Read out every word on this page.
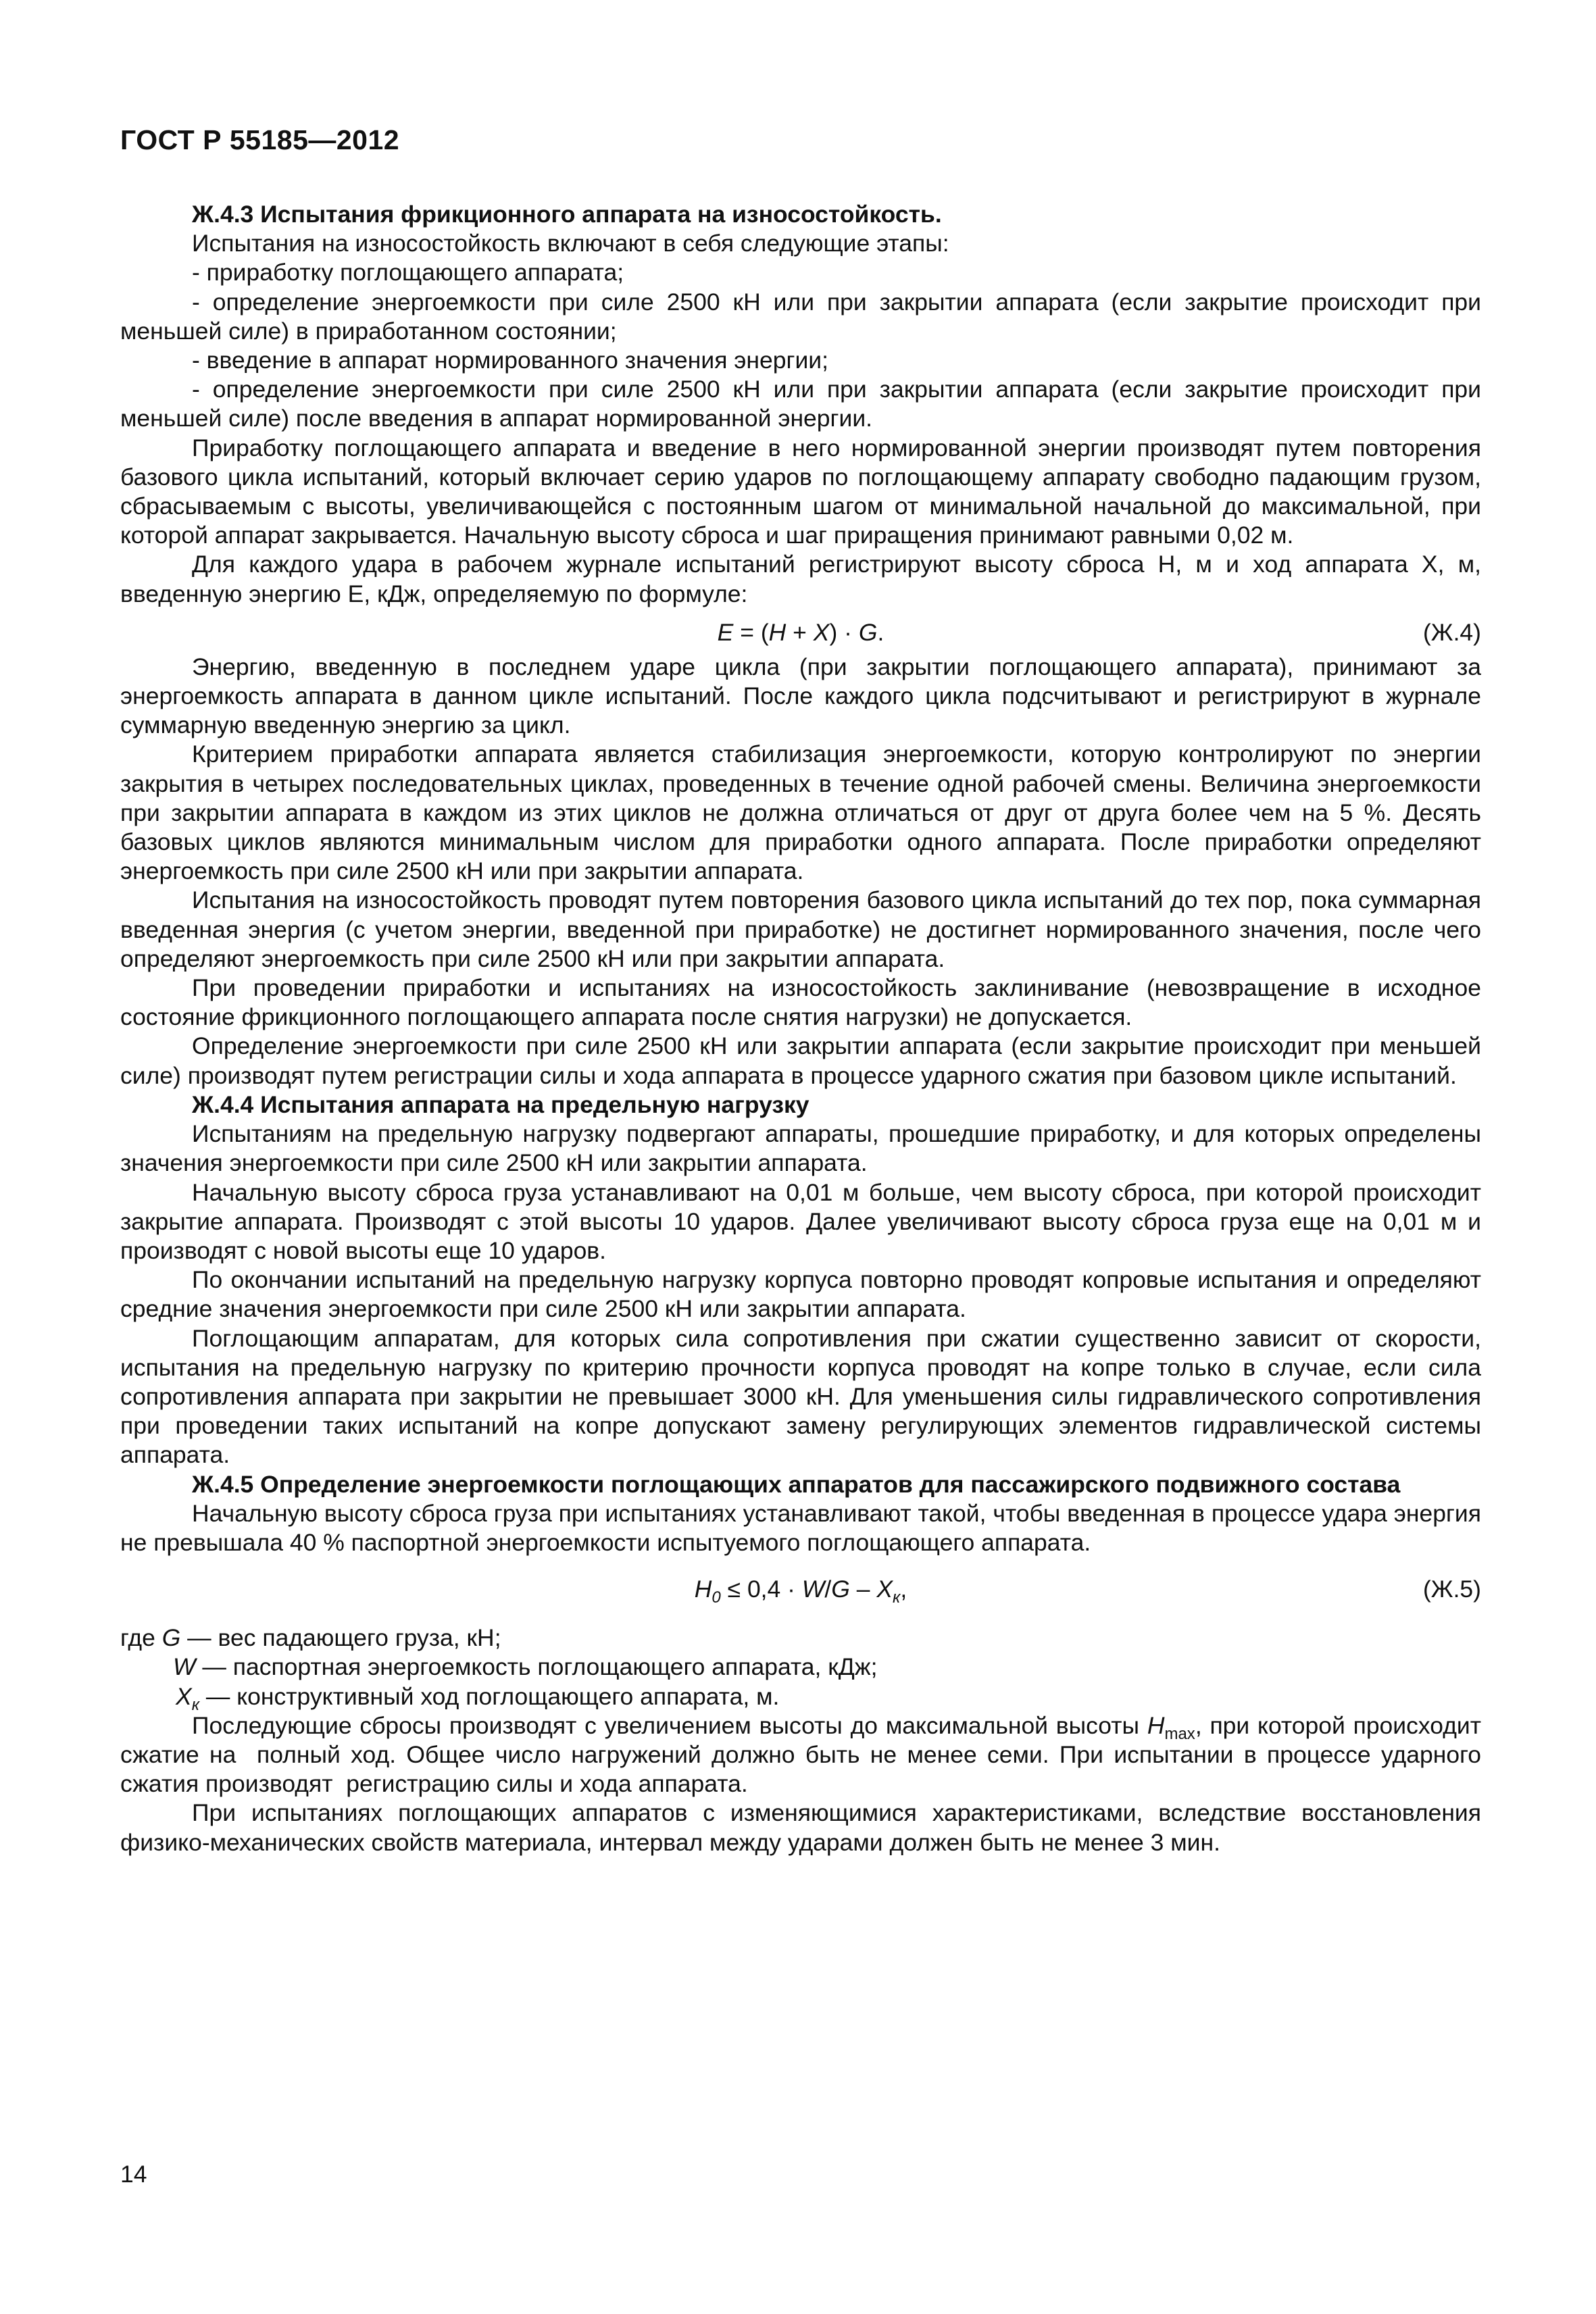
ГОСТ Р 55185—2012

Ж.4.3 Испытания фрикционного аппарата на износостойкость.

Испытания на износостойкость включают в себя следующие этапы:

- приработку поглощающего аппарата;

- определение энергоемкости при силе 2500 кН или при закрытии аппарата (если закрытие происходит при меньшей силе) в приработанном состоянии;

- введение в аппарат нормированного значения энергии;

- определение энергоемкости при силе 2500 кН или при закрытии аппарата (если закрытие происходит при меньшей силе) после введения в аппарат нормированной энергии.

Приработку поглощающего аппарата и введение в него нормированной энергии производят путем повторения базового цикла испытаний, который включает серию ударов по поглощающему аппарату свободно падающим грузом, сбрасываемым с высоты, увеличивающейся с постоянным шагом от минимальной начальной до максимальной, при которой аппарат закрывается. Начальную высоту сброса и шаг приращения принимают равными 0,02 м.

Для каждого удара в рабочем журнале испытаний регистрируют высоту сброса H, м и ход аппарата X, м, введенную энергию E, кДж, определяемую по формуле:

E = (H + X) · G.	(Ж.4)

Энергию, введенную в последнем ударе цикла (при закрытии поглощающего аппарата), принимают за энергоемкость аппарата в данном цикле испытаний. После каждого цикла подсчитывают и регистрируют в журнале суммарную введенную энергию за цикл.

Критерием приработки аппарата является стабилизация энергоемкости, которую контролируют по энергии закрытия в четырех последовательных циклах, проведенных в течение одной рабочей смены. Величина энергоемкости при закрытии аппарата в каждом из этих циклов не должна отличаться от друг от друга более чем на 5 %. Десять базовых циклов являются минимальным числом для приработки одного аппарата. После приработки определяют энергоемкость при силе 2500 кН или при закрытии аппарата.

Испытания на износостойкость проводят путем повторения базового цикла испытаний до тех пор, пока суммарная введенная энергия (с учетом энергии, введенной при приработке) не достигнет нормированного значения, после чего определяют энергоемкость при силе 2500 кН или при закрытии аппарата.

При проведении приработки и испытаниях на износостойкость заклинивание (невозвращение в исходное состояние фрикционного поглощающего аппарата после снятия нагрузки) не допускается.

Определение энергоемкости при силе 2500 кН или закрытии аппарата (если закрытие происходит при меньшей силе) производят путем регистрации силы и хода аппарата в процессе ударного сжатия при базовом цикле испытаний.

Ж.4.4 Испытания аппарата на предельную нагрузку

Испытаниям на предельную нагрузку подвергают аппараты, прошедшие приработку, и для которых определены значения энергоемкости при силе 2500 кН или закрытии аппарата.

Начальную высоту сброса груза устанавливают на 0,01 м больше, чем высоту сброса, при которой происходит закрытие аппарата. Производят с этой высоты 10 ударов. Далее увеличивают высоту сброса груза еще на 0,01 м и производят с новой высоты еще 10 ударов.

По окончании испытаний на предельную нагрузку корпуса повторно проводят копровые испытания и определяют средние значения энергоемкости при силе 2500 кН или закрытии аппарата.

Поглощающим аппаратам, для которых сила сопротивления при сжатии существенно зависит от скорости, испытания на предельную нагрузку по критерию прочности корпуса проводят на копре только в случае, если сила сопротивления аппарата при закрытии не превышает 3000 кН. Для уменьшения силы гидравлического сопротивления при проведении таких испытаний на копре допускают замену регулирующих элементов гидравлической системы аппарата.

Ж.4.5 Определение энергоемкости поглощающих аппаратов для пассажирского подвижного состава

Начальную высоту сброса груза при испытаниях устанавливают такой, чтобы введенная в процессе удара энергия не превышала 40 % паспортной энергоемкости испытуемого поглощающего аппарата.

$H_0 \le 0,4 \cdot W/G - X_к$,	(Ж.5)

где G — вес падающего груза, кН;

W — паспортная энергоемкость поглощающего аппарата, кДж;

$X_к$ — конструктивный ход поглощающего аппарата, м.

Последующие сбросы производят с увеличением высоты до максимальной высоты $H_{max}$, при которой происходит сжатие на  полный ход. Общее число нагружений должно быть не менее семи. При испытании в процессе ударного сжатия производят  регистрацию силы и хода аппарата.

При испытаниях поглощающих аппаратов с изменяющимися характеристиками, вследствие восстановления физико-механических свойств материала, интервал между ударами должен быть не менее 3 мин.

14
